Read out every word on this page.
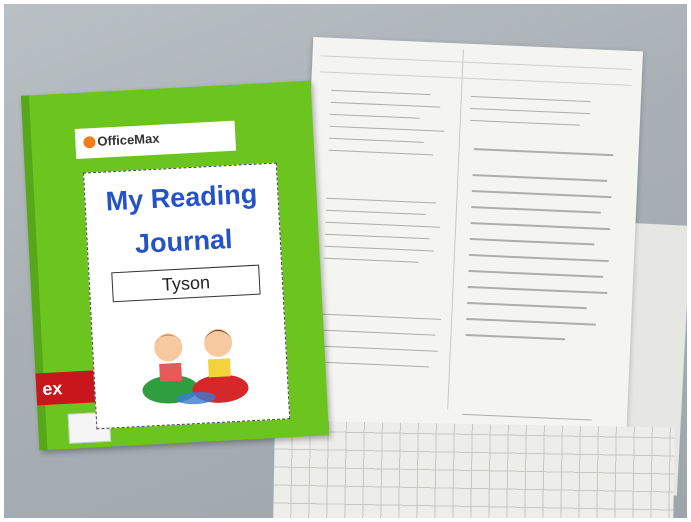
OfficeMax
ex
My Reading
Journal
Tyson
